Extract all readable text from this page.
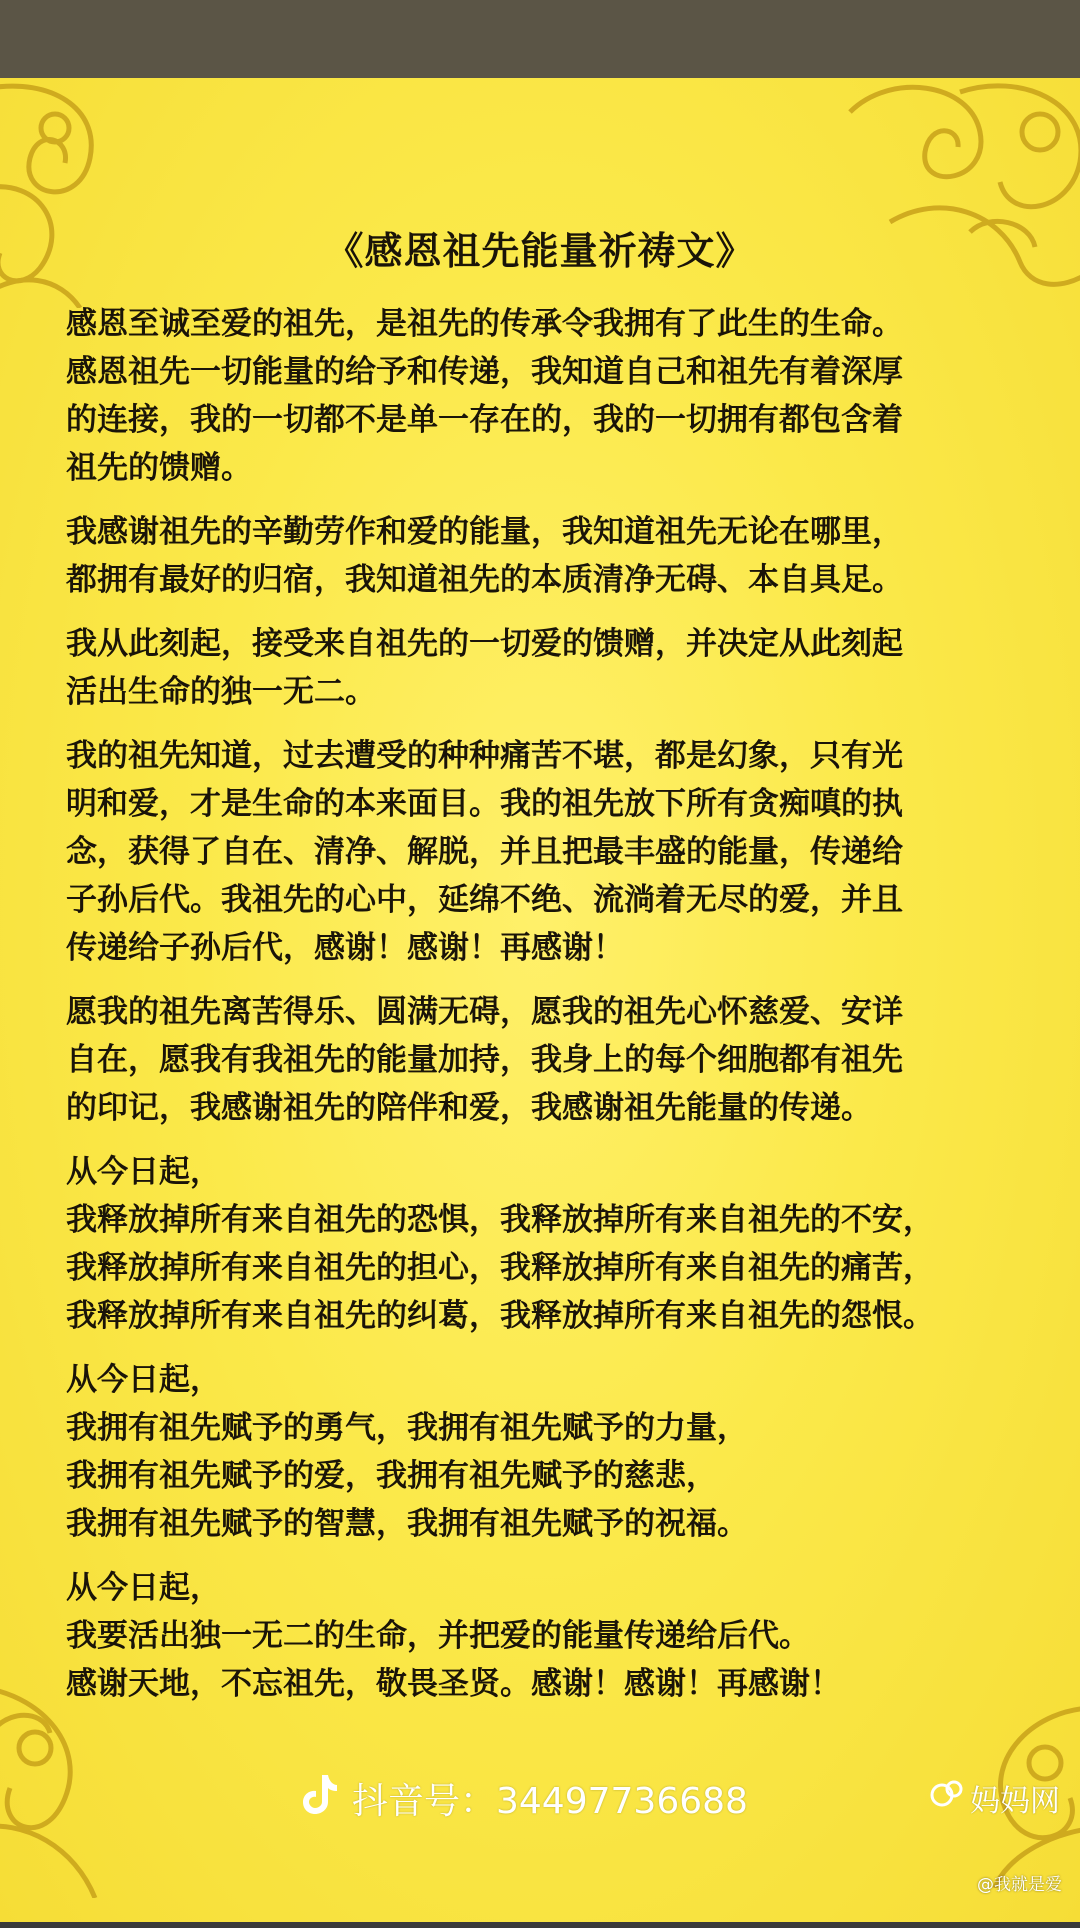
《感恩祖先能量祈祷文》

感恩至诚至爱的祖先，是祖先的传承令我拥有了此生的生命。
感恩祖先一切能量的给予和传递，我知道自己和祖先有着深厚
的连接，我的一切都不是单一存在的，我的一切拥有都包含着
祖先的馈赠。

我感谢祖先的辛勤劳作和爱的能量，我知道祖先无论在哪里，
都拥有最好的归宿，我知道祖先的本质清净无碍、本自具足。

我从此刻起，接受来自祖先的一切爱的馈赠，并决定从此刻起
活出生命的独一无二。

我的祖先知道，过去遭受的种种痛苦不堪，都是幻象，只有光
明和爱，才是生命的本来面目。我的祖先放下所有贪痴嗔的执
念，获得了自在、清净、解脱，并且把最丰盛的能量，传递给
子孙后代。我祖先的心中，延绵不绝、流淌着无尽的爱，并且
传递给子孙后代，感谢！感谢！再感谢！

愿我的祖先离苦得乐、圆满无碍，愿我的祖先心怀慈爱、安详
自在，愿我有我祖先的能量加持，我身上的每个细胞都有祖先
的印记，我感谢祖先的陪伴和爱，我感谢祖先能量的传递。

从今日起，
我释放掉所有来自祖先的恐惧，我释放掉所有来自祖先的不安，
我释放掉所有来自祖先的担心，我释放掉所有来自祖先的痛苦，
我释放掉所有来自祖先的纠葛，我释放掉所有来自祖先的怨恨。

从今日起，
我拥有祖先赋予的勇气，我拥有祖先赋予的力量，
我拥有祖先赋予的爱，我拥有祖先赋予的慈悲，
我拥有祖先赋予的智慧，我拥有祖先赋予的祝福。

从今日起，
我要活出独一无二的生命，并把爱的能量传递给后代。
感谢天地，不忘祖先，敬畏圣贤。感谢！感谢！再感谢！

抖音号：34497736688	妈妈网
@我就是爱
